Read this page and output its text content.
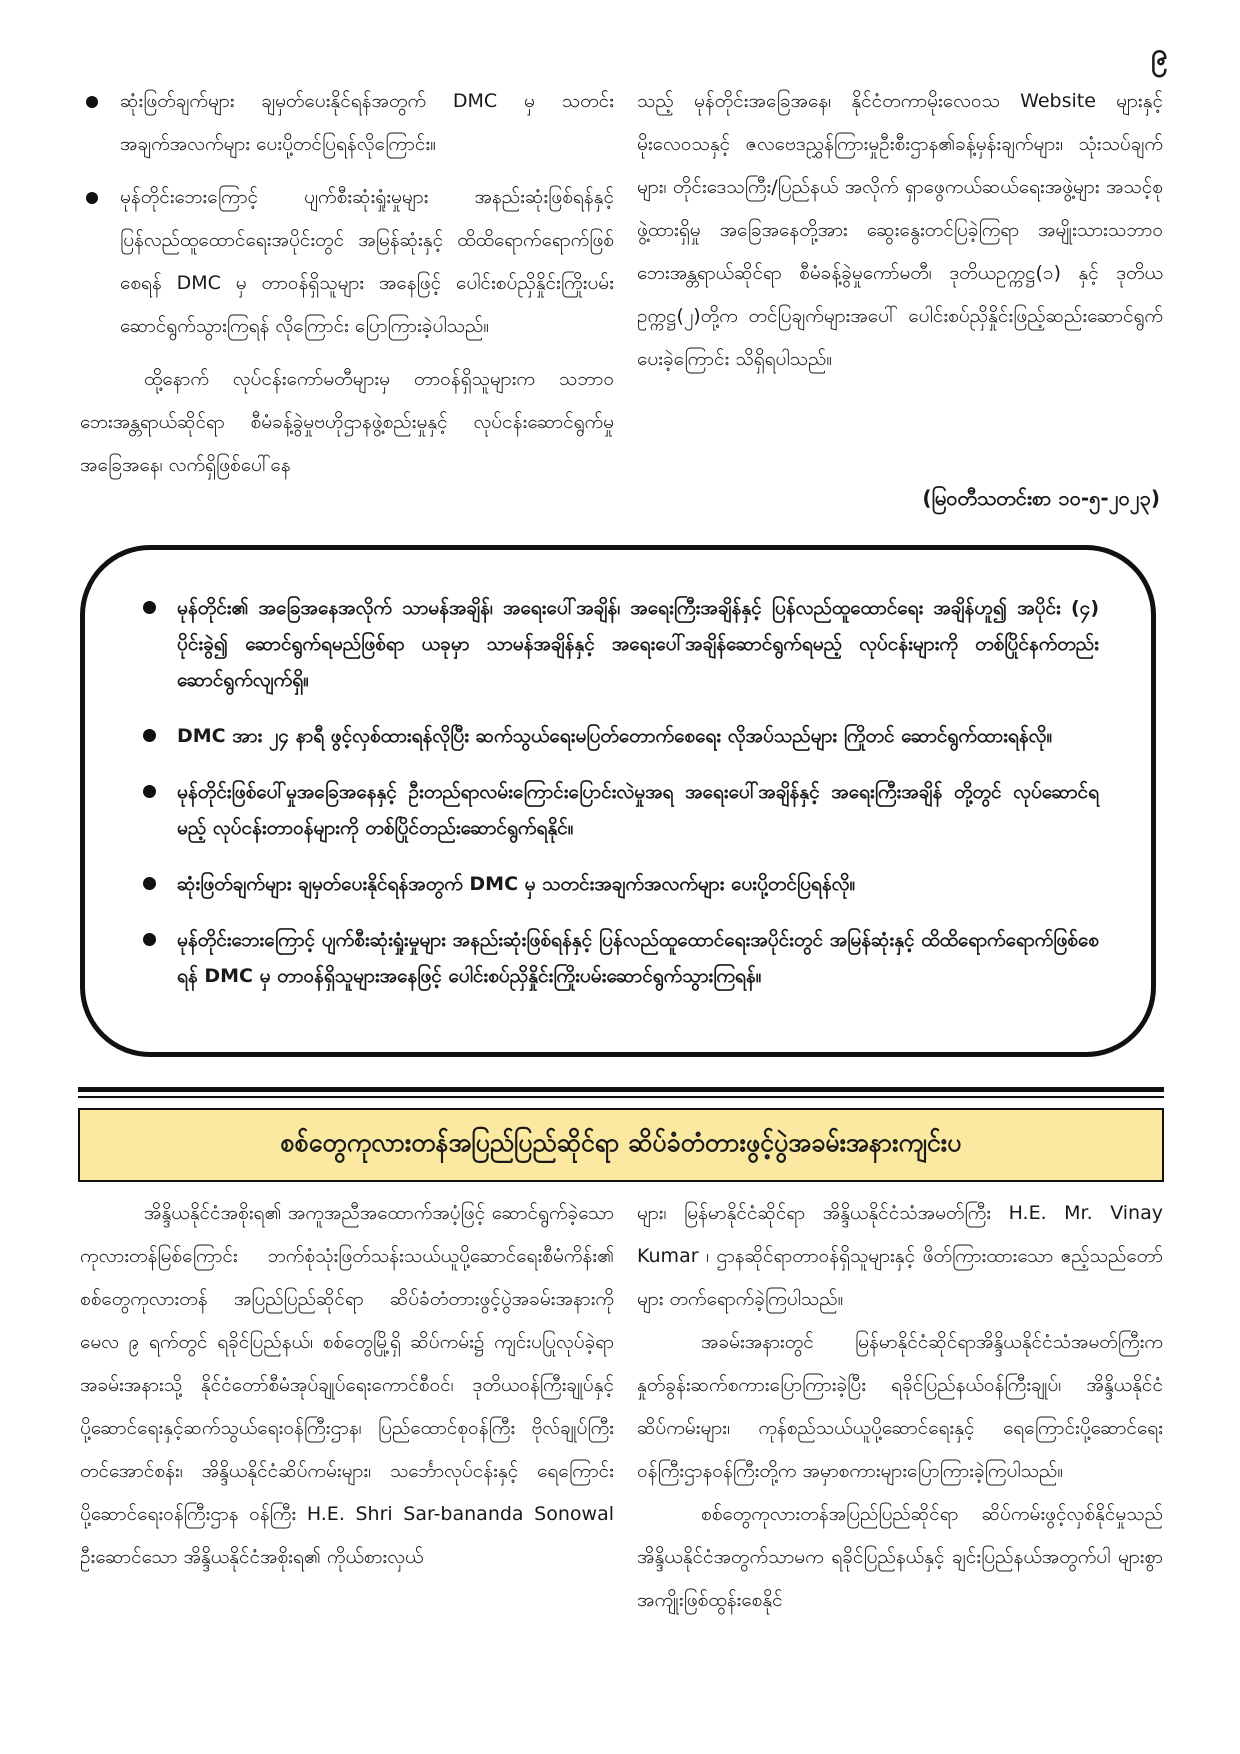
၉
ဆုံးဖြတ်ချက်များ ချမှတ်ပေးနိုင်ရန်အတွက် DMC မှ သတင်းအချက်အလက်များ ပေးပို့တင်ပြရန်လိုကြောင်း။
မုန်တိုင်းဘေးကြောင့် ပျက်စီးဆုံးရှုံးမှုများ အနည်းဆုံးဖြစ်ရန်နှင့် ပြန်လည်ထူထောင်ရေးအပိုင်းတွင် အမြန်ဆုံးနှင့် ထိထိရောက်ရောက်ဖြစ်စေရန် DMC မှ တာဝန်ရှိသူများ အနေဖြင့် ပေါင်းစပ်ညှိနှိုင်းကြိုးပမ်းဆောင်ရွက်သွားကြရန် လိုကြောင်း ပြောကြားခဲ့ပါသည်။

ထို့နောက် လုပ်ငန်းကော်မတီများမှ တာဝန်ရှိသူများက သဘာဝဘေးအန္တရာယ်ဆိုင်ရာ စီမံခန့်ခွဲမှုဗဟိုဌာနဖွဲ့စည်းမှုနှင့် လုပ်ငန်းဆောင်ရွက်မှုအခြေအနေ၊ လက်ရှိဖြစ်ပေါ်နေ

သည့် မုန်တိုင်းအခြေအနေ၊ နိုင်ငံတကာမိုးလေဝသ Website များနှင့် မိုးလေဝသနှင့် ဇလဗေဒညွှန်ကြားမှုဦးစီးဌာန၏ခန့်မှန်းချက်များ၊ သုံးသပ်ချက်များ၊ တိုင်းဒေသကြီး/ပြည်နယ် အလိုက် ရှာဖွေကယ်ဆယ်ရေးအဖွဲ့များ အသင့်စုဖွဲ့ထားရှိမှု အခြေအနေတို့အား ဆွေးနွေးတင်ပြခဲ့ကြရာ အမျိုးသားသဘာဝဘေးအန္တရာယ်ဆိုင်ရာ စီမံခန့်ခွဲမှုကော်မတီ၊ ဒုတိယဥက္ကဋ္ဌ(၁) နှင့် ဒုတိယဥက္ကဋ္ဌ(၂)တို့က တင်ပြချက်များအပေါ် ပေါင်းစပ်ညှိနှိုင်းဖြည့်ဆည်းဆောင်ရွက်ပေးခဲ့ကြောင်း သိရှိရပါသည်။

(မြဝတီသတင်းစာ ၁၀-၅-၂၀၂၃)
မုန်တိုင်း၏ အခြေအနေအလိုက် သာမန်အချိန်၊ အရေးပေါ်အချိန်၊ အရေးကြီးအချိန်နှင့် ပြန်လည်ထူထောင်ရေး အချိန်ဟူ၍ အပိုင်း (၄) ပိုင်းခွဲ၍ ဆောင်ရွက်ရမည်ဖြစ်ရာ ယခုမှာ သာမန်အချိန်နှင့် အရေးပေါ်အချိန်ဆောင်ရွက်ရမည့် လုပ်ငန်းများကို တစ်ပြိုင်နက်တည်း ဆောင်ရွက်လျက်ရှိ။
DMC အား ၂၄ နာရီ ဖွင့်လှစ်ထားရန်လိုပြီး ဆက်သွယ်ရေးမပြတ်တောက်စေရေး လိုအပ်သည်များ ကြိုတင် ဆောင်ရွက်ထားရန်လို။
မုန်တိုင်းဖြစ်ပေါ်မှုအခြေအနေနှင့် ဦးတည်ရာလမ်းကြောင်းပြောင်းလဲမှုအရ အရေးပေါ်အချိန်နှင့် အရေးကြီးအချိန် တို့တွင် လုပ်ဆောင်ရမည့် လုပ်ငန်းတာဝန်များကို တစ်ပြိုင်တည်းဆောင်ရွက်ရနိုင်။
ဆုံးဖြတ်ချက်များ ချမှတ်ပေးနိုင်ရန်အတွက် DMC မှ သတင်းအချက်အလက်များ ပေးပို့တင်ပြရန်လို။
မုန်တိုင်းဘေးကြောင့် ပျက်စီးဆုံးရှုံးမှုများ အနည်းဆုံးဖြစ်ရန်နှင့် ပြန်လည်ထူထောင်ရေးအပိုင်းတွင် အမြန်ဆုံးနှင့် ထိထိရောက်ရောက်ဖြစ်စေရန် DMC မှ တာဝန်ရှိသူများအနေဖြင့် ပေါင်းစပ်ညှိနှိုင်းကြိုးပမ်းဆောင်ရွက်သွားကြရန်။
စစ်တွေကုလားတန်အပြည်ပြည်ဆိုင်ရာ ဆိပ်ခံတံတားဖွင့်ပွဲအခမ်းအနားကျင်းပ

အိန္ဒိယနိုင်ငံအစိုးရ၏ အကူအညီအထောက်အပံ့ဖြင့် ဆောင်ရွက်ခဲ့သော ကုလားတန်မြစ်ကြောင်း ဘက်စုံသုံးဖြတ်သန်းသယ်ယူပို့ဆောင်ရေးစီမံကိန်း၏ စစ်တွေကုလားတန် အပြည်ပြည်ဆိုင်ရာ ဆိပ်ခံတံတားဖွင့်ပွဲအခမ်းအနားကို မေလ ၉ ရက်တွင် ရခိုင်ပြည်နယ်၊ စစ်တွေမြို့ရှိ ဆိပ်ကမ်း၌ ကျင်းပပြုလုပ်ခဲ့ရာ အခမ်းအနားသို့ နိုင်ငံတော်စီမံအုပ်ချုပ်ရေးကောင်စီဝင်၊ ဒုတိယဝန်ကြီးချုပ်နှင့် ပို့ဆောင်ရေးနှင့်ဆက်သွယ်ရေးဝန်ကြီးဌာန၊ ပြည်ထောင်စုဝန်ကြီး ဗိုလ်ချုပ်ကြီးတင်အောင်စန်း၊ အိန္ဒိယနိုင်ငံဆိပ်ကမ်းများ၊ သင်္ဘောလုပ်ငန်းနှင့် ရေကြောင်းပို့ဆောင်ရေးဝန်ကြီးဌာန ဝန်ကြီး H.E. Shri Sar-bananda Sonowal ဦးဆောင်သော အိန္ဒိယနိုင်ငံအစိုးရ၏ ကိုယ်စားလှယ်

များ၊ မြန်မာနိုင်ငံဆိုင်ရာ အိန္ဒိယနိုင်ငံသံအမတ်ကြီး H.E. Mr. Vinay Kumar ၊ ဌာနဆိုင်ရာတာဝန်ရှိသူများနှင့် ဖိတ်ကြားထားသော ဧည့်သည်တော်များ တက်ရောက်ခဲ့ကြပါသည်။

အခမ်းအနားတွင် မြန်မာနိုင်ငံဆိုင်ရာအိန္ဒိယနိုင်ငံသံအမတ်ကြီးက နှုတ်ခွန်းဆက်စကားပြောကြားခဲ့ပြီး ရခိုင်ပြည်နယ်ဝန်ကြီးချုပ်၊ အိန္ဒိယနိုင်ငံဆိပ်ကမ်းများ၊ ကုန်စည်သယ်ယူပို့ဆောင်ရေးနှင့် ရေကြောင်းပို့ဆောင်ရေးဝန်ကြီးဌာနဝန်ကြီးတို့က အမှာစကားများပြောကြားခဲ့ကြပါသည်။

စစ်တွေကုလားတန်အပြည်ပြည်ဆိုင်ရာ ဆိပ်ကမ်းဖွင့်လှစ်နိုင်မှုသည် အိန္ဒိယနိုင်ငံအတွက်သာမက ရခိုင်ပြည်နယ်နှင့် ချင်းပြည်နယ်အတွက်ပါ များစွာအကျိုးဖြစ်ထွန်းစေနိုင်
